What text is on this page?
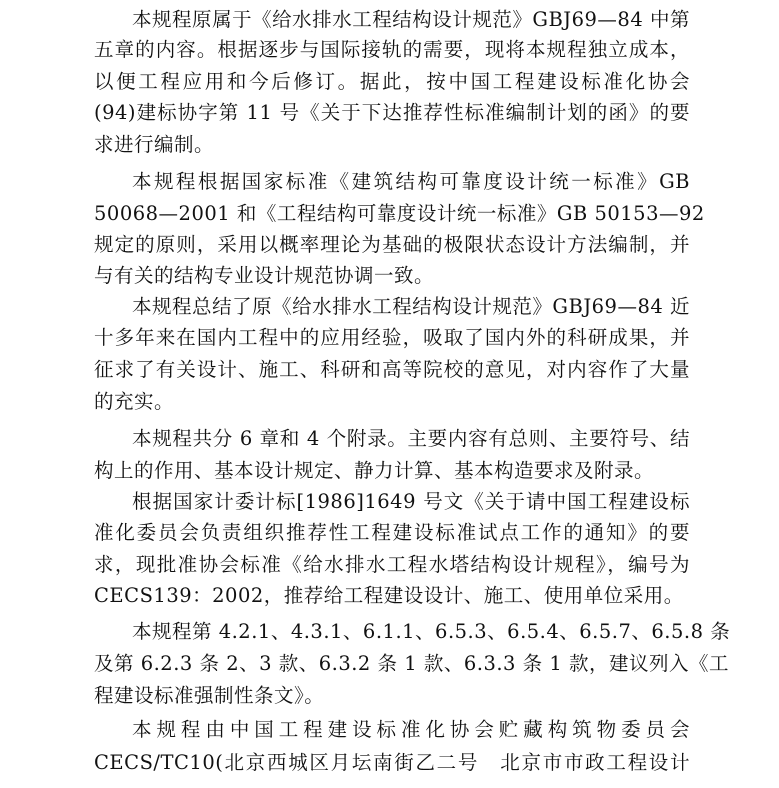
本规程原属于《给水排水工程结构设计规范》GBJ69—84 中第
五章的内容。根据逐步与国际接轨的需要，现将本规程独立成本，
以便工程应用和今后修订。据此，按中国工程建设标准化协会
(94)建标协字第 11 号《关于下达推荐性标准编制计划的函》的要
求进行编制。
本规程根据国家标准《建筑结构可靠度设计统一标准》GB
50068—2001 和《工程结构可靠度设计统一标准》GB 50153—92
规定的原则，采用以概率理论为基础的极限状态设计方法编制，并
与有关的结构专业设计规范协调一致。
本规程总结了原《给水排水工程结构设计规范》GBJ69—84 近
十多年来在国内工程中的应用经验，吸取了国内外的科研成果，并
征求了有关设计、施工、科研和高等院校的意见，对内容作了大量
的充实。
本规程共分 6 章和 4 个附录。主要内容有总则、主要符号、结
构上的作用、基本设计规定、静力计算、基本构造要求及附录。
根据国家计委计标[1986]1649 号文《关于请中国工程建设标
准化委员会负责组织推荐性工程建设标准试点工作的通知》的要
求，现批准协会标准《给水排水工程水塔结构设计规程》，编号为
CECS139：2002，推荐给工程建设设计、施工、使用单位采用。
本规程第 4.2.1、4.3.1、6.1.1、6.5.3、6.5.4、6.5.7、6.5.8 条
及第 6.2.3 条 2、3 款、6.3.2 条 1 款、6.3.3 条 1 款，建议列入《工
程建设标准强制性条文》。
本规程由中国工程建设标准化协会贮藏构筑物委员会
CECS/TC10(北京西城区月坛南街乙二号　北京市市政工程设计
